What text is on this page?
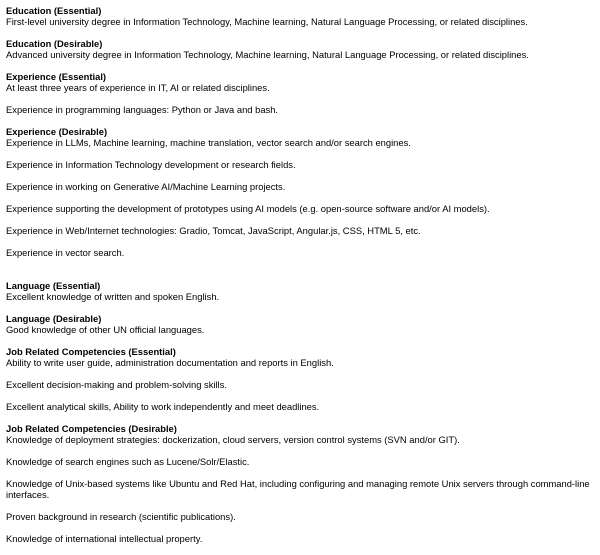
Education (Essential)

First-level university degree in Information Technology, Machine learning, Natural Language Processing, or related disciplines.

Education (Desirable)

Advanced university degree in Information Technology, Machine learning, Natural Language Processing, or related disciplines.

Experience (Essential)

At least three years of experience in IT, AI or related disciplines.

Experience in programming languages: Python or Java and bash.

Experience (Desirable)

Experience in LLMs, Machine learning, machine translation, vector search and/or search engines.

Experience in Information Technology development or research fields.

Experience in working on Generative AI/Machine Learning projects.

Experience supporting the development of prototypes using AI models (e.g. open-source software and/or AI models).

Experience in Web/Internet technologies: Gradio, Tomcat, JavaScript, Angular.js, CSS, HTML 5, etc.

Experience in vector search.

Language (Essential)

Excellent knowledge of written and spoken English.

Language (Desirable)

Good knowledge of other UN official languages.

Job Related Competencies (Essential)

Ability to write user guide, administration documentation and reports in English.

Excellent decision-making and problem-solving skills.

Excellent analytical skills, Ability to work independently and meet deadlines.

Job Related Competencies (Desirable)

Knowledge of deployment strategies: dockerization, cloud servers, version control systems (SVN and/or GIT).

Knowledge of search engines such as Lucene/Solr/Elastic.

Knowledge of Unix-based systems like Ubuntu and Red Hat, including configuring and managing remote Unix servers through command-line interfaces.

Proven background in research (scientific publications).

Knowledge of international intellectual property.
